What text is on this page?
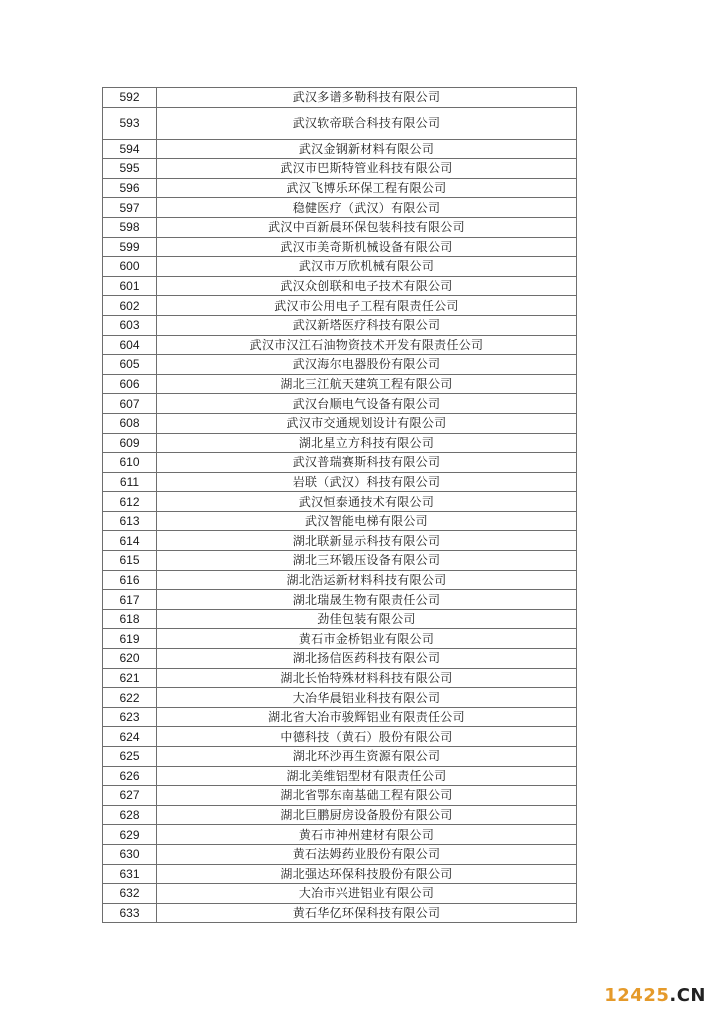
592	武汉多谱多勒科技有限公司
593	武汉软帝联合科技有限公司
594	武汉金钢新材料有限公司
595	武汉市巴斯特管业科技有限公司
596	武汉飞博乐环保工程有限公司
597	稳健医疗（武汉）有限公司
598	武汉中百新晨环保包装科技有限公司
599	武汉市美奇斯机械设备有限公司
600	武汉市万欣机械有限公司
601	武汉众创联和电子技术有限公司
602	武汉市公用电子工程有限责任公司
603	武汉新塔医疗科技有限公司
604	武汉市汉江石油物资技术开发有限责任公司
605	武汉海尔电器股份有限公司
606	湖北三江航天建筑工程有限公司
607	武汉台顺电气设备有限公司
608	武汉市交通规划设计有限公司
609	湖北星立方科技有限公司
610	武汉普瑞赛斯科技有限公司
611	岩联（武汉）科技有限公司
612	武汉恒泰通技术有限公司
613	武汉智能电梯有限公司
614	湖北联新显示科技有限公司
615	湖北三环锻压设备有限公司
616	湖北浩运新材料科技有限公司
617	湖北瑞晟生物有限责任公司
618	劲佳包装有限公司
619	黄石市金桥铝业有限公司
620	湖北扬信医药科技有限公司
621	湖北长怡特殊材料科技有限公司
622	大冶华晨铝业科技有限公司
623	湖北省大冶市骏辉铝业有限责任公司
624	中德科技（黄石）股份有限公司
625	湖北环沙再生资源有限公司
626	湖北美维铝型材有限责任公司
627	湖北省鄂东南基础工程有限公司
628	湖北巨鹏厨房设备股份有限公司
629	黄石市神州建材有限公司
630	黄石法姆药业股份有限公司
631	湖北强达环保科技股份有限公司
632	大冶市兴进铝业有限公司
633	黄石华亿环保科技有限公司
12425.CN
